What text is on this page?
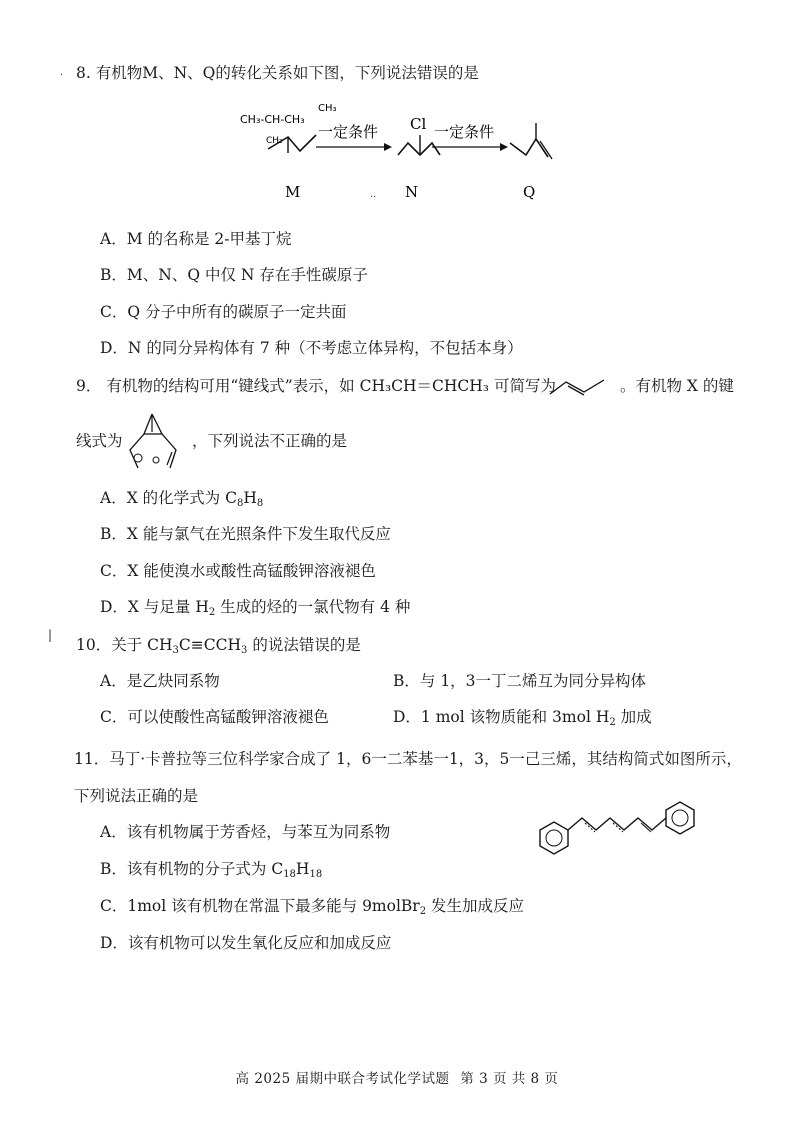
8. 有机物M、N、Q的转化关系如下图，下列说法错误的是
CH₃-CH-CH₃
CH₃
CH₂ 一定条件 Cl 一定条件
M	N	Q
A．M 的名称是 2-甲基丁烷
B．M、N、Q 中仅 N 存在手性碳原子
C．Q 分子中所有的碳原子一定共面
D．N 的同分异构体有 7 种（不考虑立体异构，不包括本身）
9． 有机物的结构可用“键线式”表示，如 CH₃CH＝CHCH₃ 可简写为	。有机物 X 的键
线式为	，下列说法不正确的是
A．X 的化学式为 $C_8H_8$
B．X 能与氯气在光照条件下发生取代反应
C．X 能使溴水或酸性高锰酸钾溶液褪色
D．X 与足量 $H_2$ 生成的烃的一氯代物有 4 种
10．关于 $CH_3C\equiv CCH_3$ 的说法错误的是
A．是乙炔同系物	B．与 1，3一丁二烯互为同分异构体
C．可以使酸性高锰酸钾溶液褪色	D．1 mol 该物质能和 3mol $H_2$ 加成
11．马丁·卡普拉等三位科学家合成了 1，6一二苯基一1，3，5一己三烯，其结构简式如图所示，
下列说法正确的是
A．该有机物属于芳香烃，与苯互为同系物
B．该有机物的分子式为 $C_{18}H_{18}$
C．1mol 该有机物在常温下最多能与 9molBr$_2$ 发生加成反应
D．该有机物可以发生氧化反应和加成反应
·
··
|
高 2025 届期中联合考试化学试题 第 3 页 共 8 页
